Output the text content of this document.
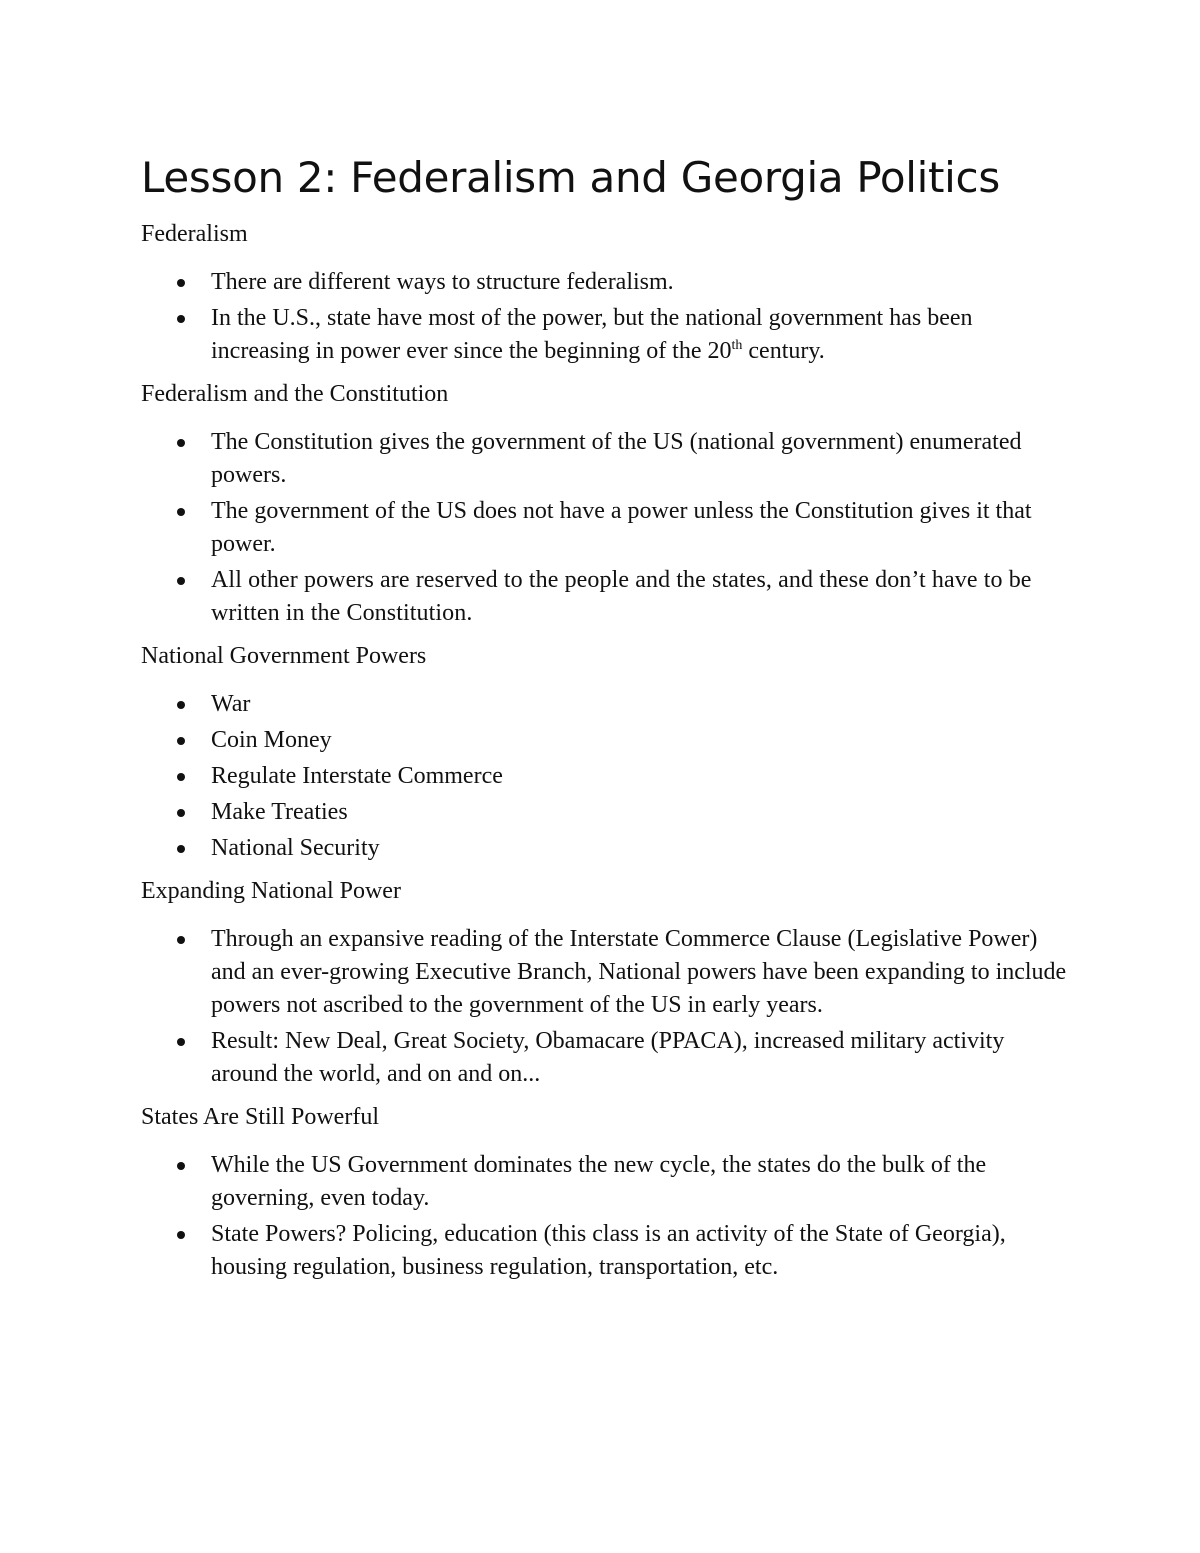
Lesson 2: Federalism and Georgia Politics

Federalism

There are different ways to structure federalism.
In the U.S., state have most of the power, but the national government has been increasing in power ever since the beginning of the 20th century.

Federalism and the Constitution

The Constitution gives the government of the US (national government) enumerated powers.
The government of the US does not have a power unless the Constitution gives it that power.
All other powers are reserved to the people and the states, and these don’t have to be written in the Constitution.

National Government Powers

War
Coin Money
Regulate Interstate Commerce
Make Treaties
National Security

Expanding National Power

Through an expansive reading of the Interstate Commerce Clause (Legislative Power) and an ever-growing Executive Branch, National powers have been expanding to include powers not ascribed to the government of the US in early years.
Result: New Deal, Great Society, Obamacare (PPACA), increased military activity around the world, and on and on...

States Are Still Powerful

While the US Government dominates the new cycle, the states do the bulk of the governing, even today.
State Powers? Policing, education (this class is an activity of the State of Georgia), housing regulation, business regulation, transportation, etc.
